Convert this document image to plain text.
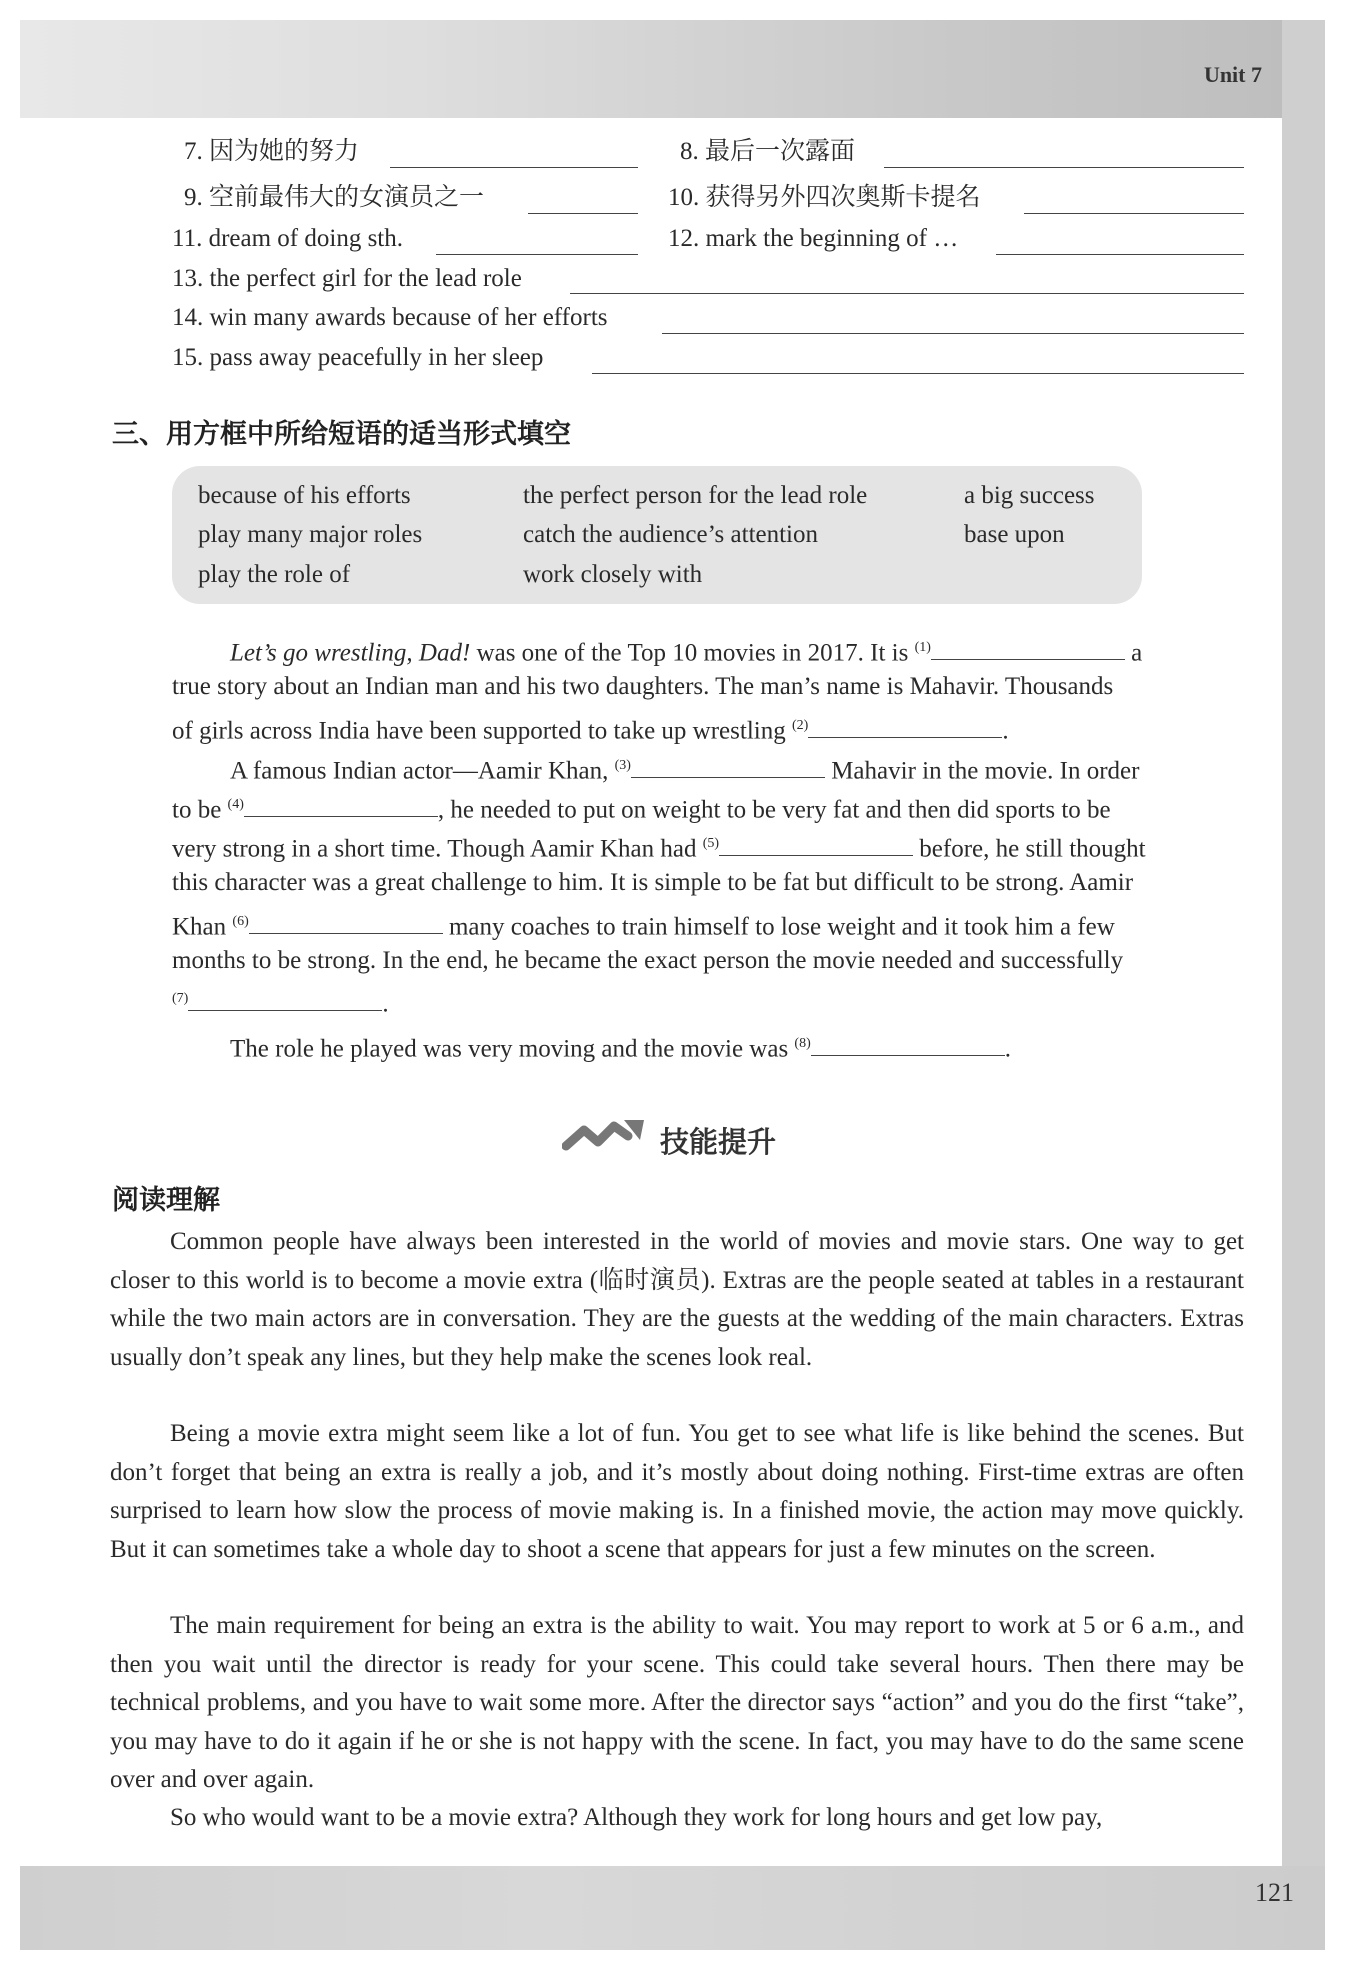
Unit 7
7. 因为她的努力	8. 最后一次露面
9. 空前最伟大的女演员之一	10. 获得另外四次奥斯卡提名
11. dream of doing sth.	12. mark the beginning of …
13. the perfect girl for the lead role
14. win many awards because of her efforts
15. pass away peacefully in her sleep
三、用方框中所给短语的适当形式填空
because of his efforts	the perfect person for the lead role	a big success
play many major roles	catch the audience’s attention	base upon
play the role of	work closely with
Let’s go wrestling, Dad! was one of the Top 10 movies in 2017. It is $^{(1)}$	a
true story about an Indian man and his two daughters. The man’s name is Mahavir. Thousands
of girls across India have been supported to take up wrestling $^{(2)}$	.
A famous Indian actor—Aamir Khan, $^{(3)}$	Mahavir in the movie. In order
to be $^{(4)}$	, he needed to put on weight to be very fat and then did sports to be
very strong in a short time. Though Aamir Khan had $^{(5)}$	before, he still thought
this character was a great challenge to him. It is simple to be fat but difficult to be strong. Aamir
Khan $^{(6)}$	many coaches to train himself to lose weight and it took him a few
months to be strong. In the end, he became the exact person the movie needed and successfully
$^{(7)}$	.
The role he played was very moving and the movie was $^{(8)}$	.
技能提升
阅读理解
Common people have always been interested in the world of movies and movie stars. One way to get closer to this world is to become a movie extra (临时演员). Extras are the people seated at tables in a restaurant while the two main actors are in conversation. They are the guests at the wedding of the main characters. Extras usually don’t speak any lines, but they help make the scenes look real.
Being a movie extra might seem like a lot of fun. You get to see what life is like behind the scenes. But don’t forget that being an extra is really a job, and it’s mostly about doing nothing. First-time extras are often surprised to learn how slow the process of movie making is. In a finished movie, the action may move quickly. But it can sometimes take a whole day to shoot a scene that appears for just a few minutes on the screen.
The main requirement for being an extra is the ability to wait. You may report to work at 5 or 6 a.m., and then you wait until the director is ready for your scene. This could take several hours. Then there may be technical problems, and you have to wait some more. After the director says “action” and you do the first “take”, you may have to do it again if he or she is not happy with the scene. In fact, you may have to do the same scene over and over again.
So who would want to be a movie extra? Although they work for long hours and get low pay,
121
